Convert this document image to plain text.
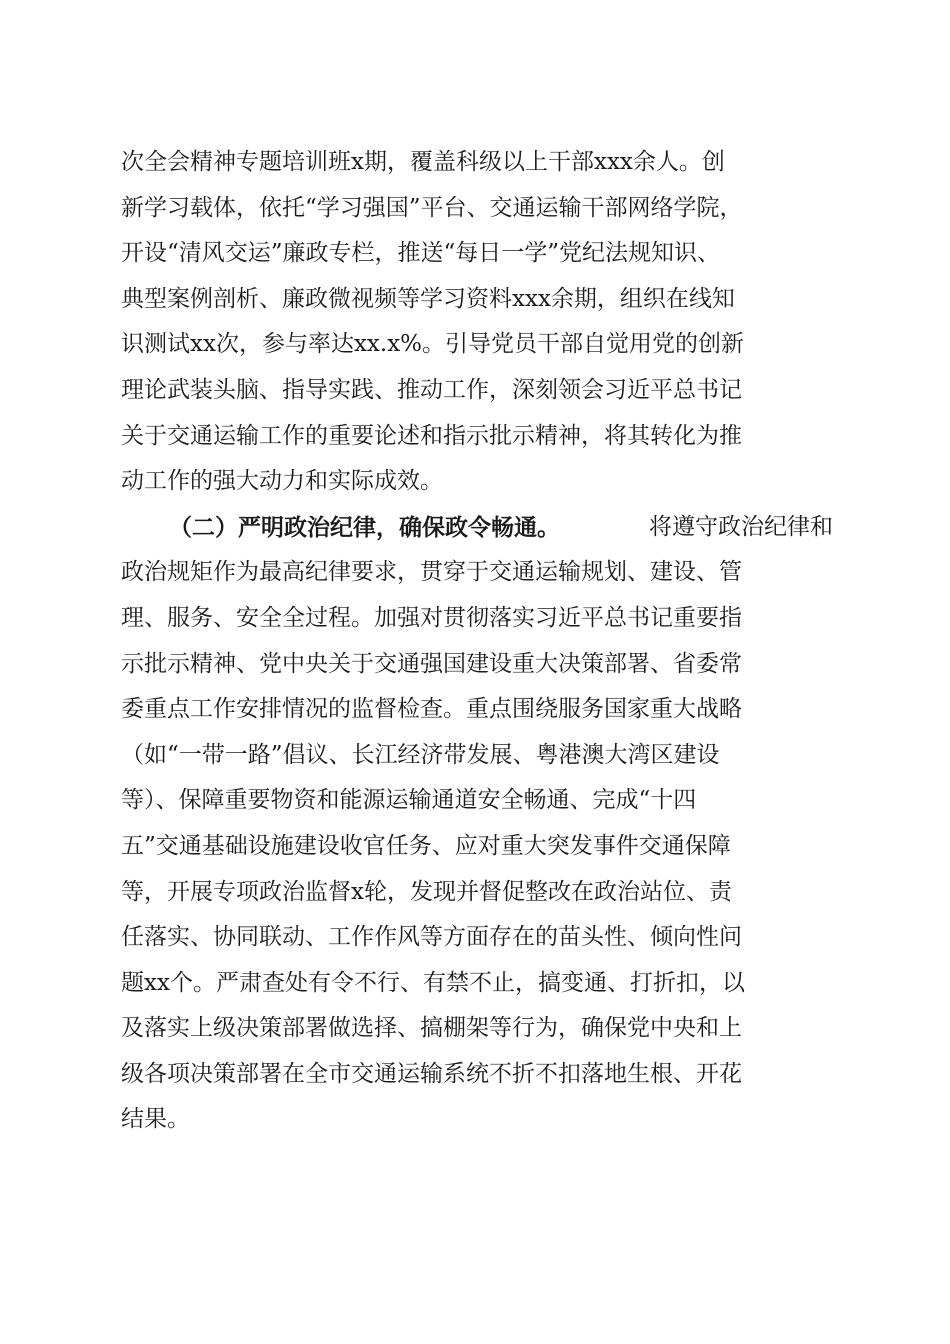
次全会精神专题培训班x期，覆盖科级以上干部xxx余人。创
新学习载体，依托“学习强国”平台、交通运输干部网络学院，
开设“清风交运”廉政专栏，推送“每日一学”党纪法规知识、
典型案例剖析、廉政微视频等学习资料xxx余期，组织在线知
识测试xx次，参与率达xx.x%。引导党员干部自觉用党的创新
理论武装头脑、指导实践、推动工作，深刻领会习近平总书记
关于交通运输工作的重要论述和指示批示精神，将其转化为推
动工作的强大动力和实际成效。
（二）严明政治纪律，确保政令畅通。	将遵守政治纪律和
政治规矩作为最高纪律要求，贯穿于交通运输规划、建设、管
理、服务、安全全过程。加强对贯彻落实习近平总书记重要指
示批示精神、党中央关于交通强国建设重大决策部署、省委常
委重点工作安排情况的监督检查。重点围绕服务国家重大战略
（如“一带一路”倡议、长江经济带发展、粤港澳大湾区建设
等）、保障重要物资和能源运输通道安全畅通、完成“十四
五”交通基础设施建设收官任务、应对重大突发事件交通保障
等，开展专项政治监督x轮，发现并督促整改在政治站位、责
任落实、协同联动、工作作风等方面存在的苗头性、倾向性问
题xx个。严肃查处有令不行、有禁不止，搞变通、打折扣，以
及落实上级决策部署做选择、搞棚架等行为，确保党中央和上
级各项决策部署在全市交通运输系统不折不扣落地生根、开花
结果。
